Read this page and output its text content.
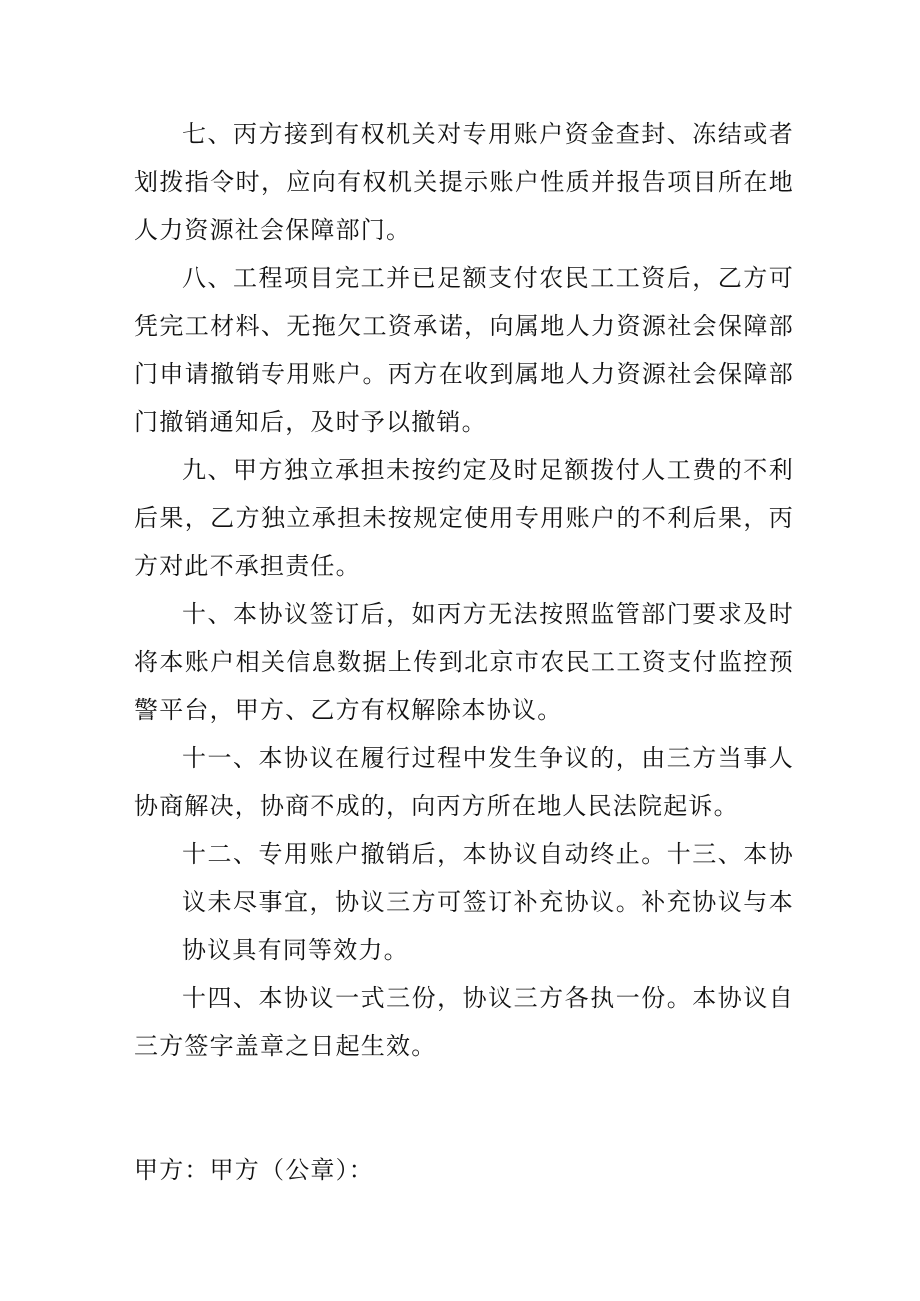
七、丙方接到有权机关对专用账户资金查封、冻结或者划拨指令时，应向有权机关提示账户性质并报告项目所在地人力资源社会保障部门。

八、工程项目完工并已足额支付农民工工资后，乙方可凭完工材料、无拖欠工资承诺，向属地人力资源社会保障部门申请撤销专用账户。丙方在收到属地人力资源社会保障部门撤销通知后，及时予以撤销。

九、甲方独立承担未按约定及时足额拨付人工费的不利后果，乙方独立承担未按规定使用专用账户的不利后果，丙方对此不承担责任。

十、本协议签订后，如丙方无法按照监管部门要求及时将本账户相关信息数据上传到北京市农民工工资支付监控预警平台，甲方、乙方有权解除本协议。

十一、本协议在履行过程中发生争议的，由三方当事人协商解决，协商不成的，向丙方所在地人民法院起诉。

十二、专用账户撤销后，本协议自动终止。十三、本协议未尽事宜，协议三方可签订补充协议。补充协议与本协议具有同等效力。

十四、本协议一式三份，协议三方各执一份。本协议自三方签字盖章之日起生效。

甲方：甲方（公章）：
